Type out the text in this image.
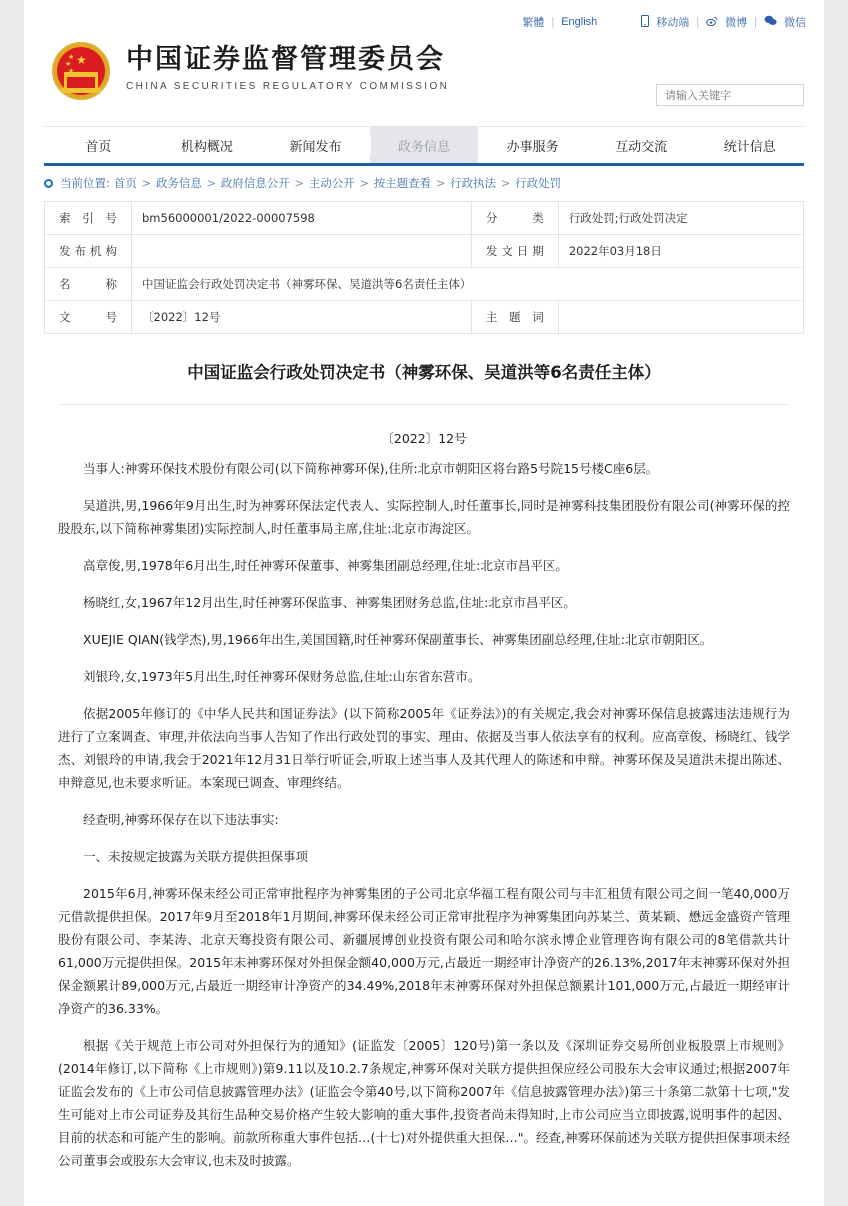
繁體 | English	移动端 | 微博 | 微信
★
★
★ 中国证券监督管理委员会
CHINA SECURITIES REGULATORY COMMISSION
请输入关键字
首页	机构概况	新闻发布	政务信息	办事服务	互动交流	统计信息
当前位置: 首页 > 政务信息 > 政府信息公开 > 主动公开 > 按主题查看 > 行政执法 > 行政处罚
索 引 号	bm56000001/2022-00007598	分　　类	行政处罚;行政处罚决定
发布机构		发文日期	2022年03月18日
名　　称	中国证监会行政处罚决定书（神雾环保、吴道洪等6名责任主体）		
文　　号	〔2022〕12号	主 题 词	
中国证监会行政处罚决定书（神雾环保、吴道洪等6名责任主体）
〔2022〕12号

当事人:神雾环保技术股份有限公司(以下简称神雾环保),住所:北京市朝阳区将台路5号院15号楼C座6层。

吴道洪,男,1966年9月出生,时为神雾环保法定代表人、实际控制人,时任董事长,同时是神雾科技集团股份有限公司(神雾环保的控股股东,以下简称神雾集团)实际控制人,时任董事局主席,住址:北京市海淀区。

高章俊,男,1978年6月出生,时任神雾环保董事、神雾集团副总经理,住址:北京市昌平区。

杨晓红,女,1967年12月出生,时任神雾环保监事、神雾集团财务总监,住址:北京市昌平区。

XUEJIE QIAN(钱学杰),男,1966年出生,美国国籍,时任神雾环保副董事长、神雾集团副总经理,住址:北京市朝阳区。

刘银玲,女,1973年5月出生,时任神雾环保财务总监,住址:山东省东营市。

依据2005年修订的《中华人民共和国证券法》(以下简称2005年《证券法》)的有关规定,我会对神雾环保信息披露违法违规行为进行了立案调查、审理,并依法向当事人告知了作出行政处罚的事实、理由、依据及当事人依法享有的权利。应高章俊、杨晓红、钱学杰、刘银玲的申请,我会于2021年12月31日举行听证会,听取上述当事人及其代理人的陈述和申辩。神雾环保及吴道洪未提出陈述、申辩意见,也未要求听证。本案现已调查、审理终结。

经查明,神雾环保存在以下违法事实:

一、未按规定披露为关联方提供担保事项

2015年6月,神雾环保未经公司正常审批程序为神雾集团的子公司北京华福工程有限公司与丰汇租赁有限公司之间一笔40,000万元借款提供担保。2017年9月至2018年1月期间,神雾环保未经公司正常审批程序为神雾集团向苏某兰、黄某颖、懋远金盛资产管理股份有限公司、李某涛、北京天骞投资有限公司、新疆展博创业投资有限公司和哈尔滨永博企业管理咨询有限公司的8笔借款共计61,000万元提供担保。2015年末神雾环保对外担保金额40,000万元,占最近一期经审计净资产的26.13%,2017年末神雾环保对外担保金额累计89,000万元,占最近一期经审计净资产的34.49%,2018年末神雾环保对外担保总额累计101,000万元,占最近一期经审计净资产的36.33%。

根据《关于规范上市公司对外担保行为的通知》(证监发〔2005〕120号)第一条以及《深圳证券交易所创业板股票上市规则》(2014年修订,以下简称《上市规则》)第9.11以及10.2.7条规定,神雾环保对关联方提供担保应经公司股东大会审议通过;根据2007年证监会发布的《上市公司信息披露管理办法》(证监会令第40号,以下简称2007年《信息披露管理办法》)第三十条第二款第十七项,"发生可能对上市公司证券及其衍生品种交易价格产生较大影响的重大事件,投资者尚未得知时,上市公司应当立即披露,说明事件的起因、目前的状态和可能产生的影响。前款所称重大事件包括…(十七)对外提供重大担保…"。经查,神雾环保前述为关联方提供担保事项未经公司董事会或股东大会审议,也未及时披露。
